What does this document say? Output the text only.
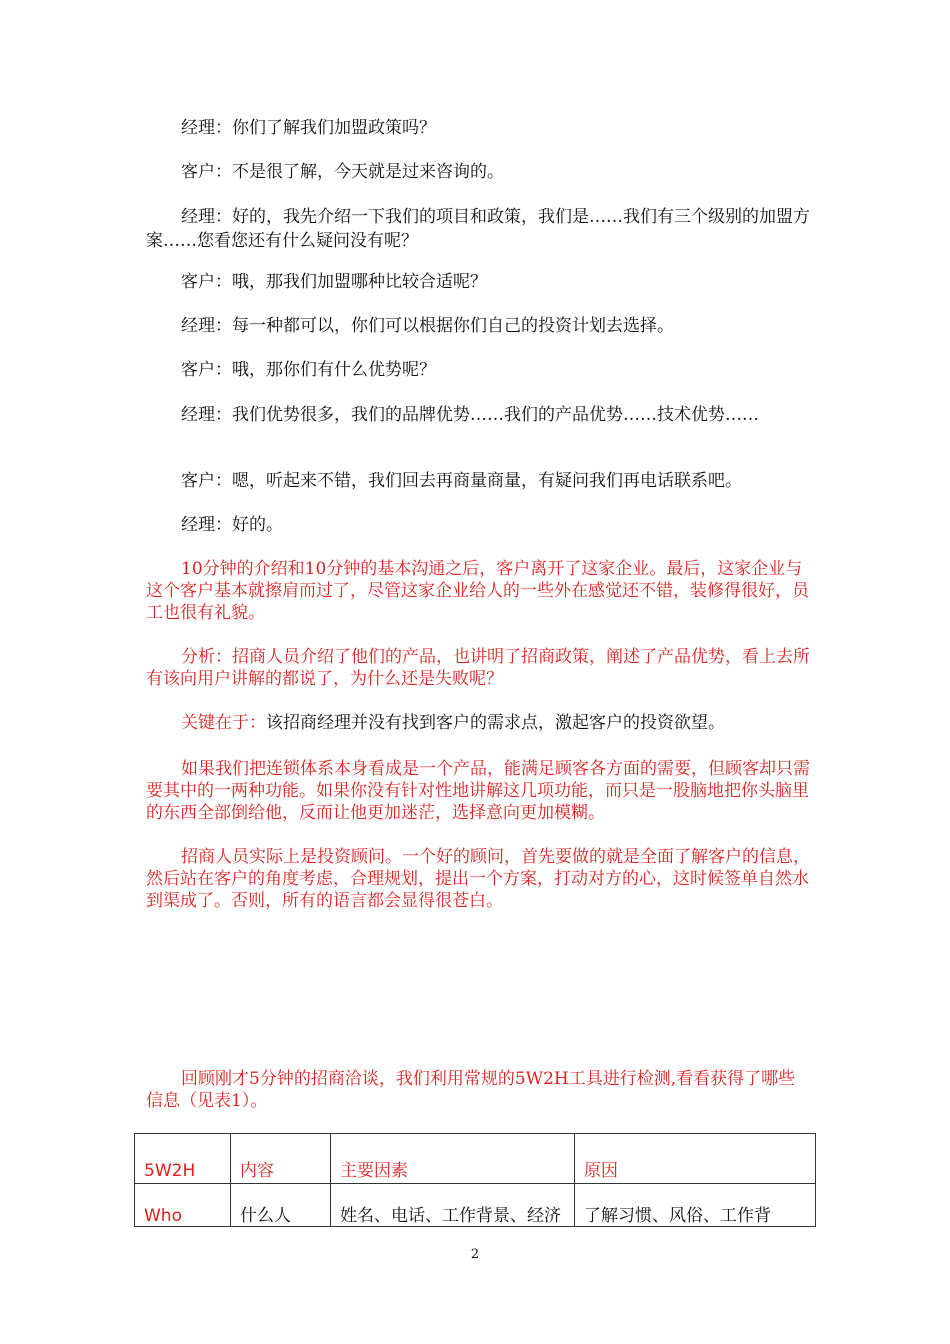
经理：你们了解我们加盟政策吗？

客户：不是很了解，今天就是过来咨询的。

经理：好的，我先介绍一下我们的项目和政策，我们是……我们有三个级别的加盟方案……您看您还有什么疑问没有呢？

客户：哦，那我们加盟哪种比较合适呢？

经理：每一种都可以，你们可以根据你们自己的投资计划去选择。

客户：哦，那你们有什么优势呢？

经理：我们优势很多，我们的品牌优势……我们的产品优势……技术优势……

客户：嗯，听起来不错，我们回去再商量商量，有疑问我们再电话联系吧。

经理：好的。

10分钟的介绍和10分钟的基本沟通之后，客户离开了这家企业。最后，这家企业与这个客户基本就擦肩而过了，尽管这家企业给人的一些外在感觉还不错，装修得很好，员工也很有礼貌。

分析：招商人员介绍了他们的产品，也讲明了招商政策，阐述了产品优势，看上去所有该向用户讲解的都说了，为什么还是失败呢？

关键在于：该招商经理并没有找到客户的需求点，激起客户的投资欲望。

如果我们把连锁体系本身看成是一个产品，能满足顾客各方面的需要，但顾客却只需要其中的一两种功能。如果你没有针对性地讲解这几项功能，而只是一股脑地把你头脑里的东西全部倒给他，反而让他更加迷茫，选择意向更加模糊。

招商人员实际上是投资顾问。一个好的顾问，首先要做的就是全面了解客户的信息，然后站在客户的角度考虑，合理规划，提出一个方案，打动对方的心，这时候签单自然水到渠成了。否则，所有的语言都会显得很苍白。

回顾刚才5分钟的招商洽谈，我们利用常规的5W2H工具进行检测,看看获得了哪些信息（见表1）。

5W2H	内容	主要因素	原因
Who	什么人	姓名、电话、工作背景、经济	了解习惯、风俗、工作背
2
